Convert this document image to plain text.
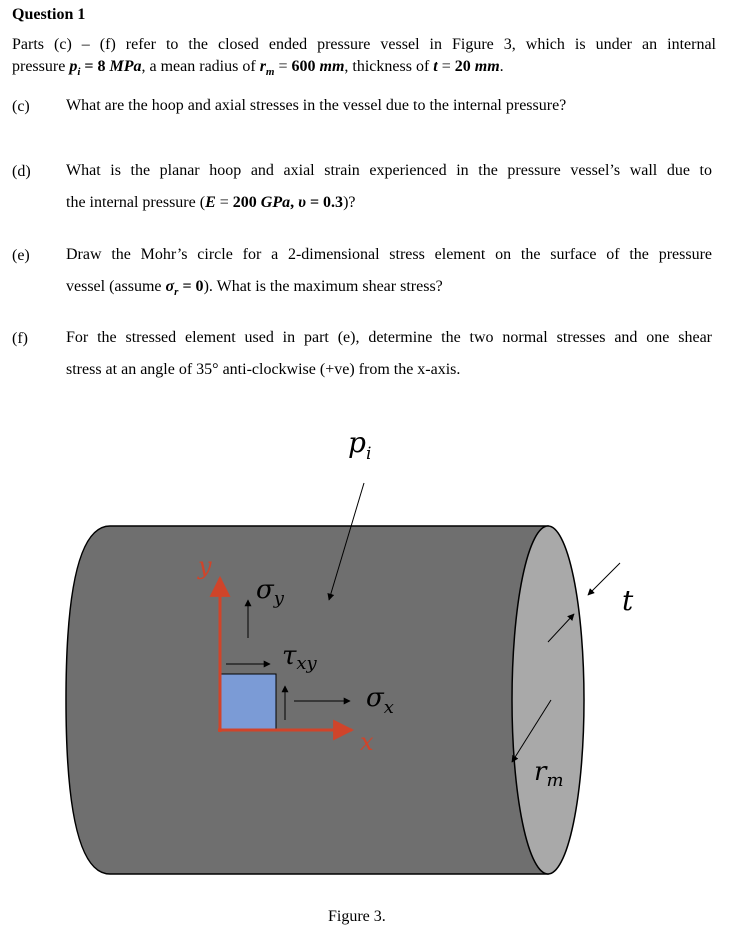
Question 1
Parts (c) – (f) refer to the closed ended pressure vessel in Figure 3, which is under an internal
pressure $p_i = 8$ MPa, a mean radius of $r_m = 600$ mm, thickness of t = 20 mm.
(c) What are the hoop and axial stresses in the vessel due to the internal pressure?
(d) What is the planar hoop and axial strain experienced in the pressure vessel’s wall due to
the internal pressure (E = 200 GPa, υ = 0.3)?
(e) Draw the Mohr’s circle for a 2-dimensional stress element on the surface of the pressure
vessel (assume $\sigma_r = 0$). What is the maximum shear stress?
(f) For the stressed element used in part (e), determine the two normal stresses and one shear
stress at an angle of 35° anti-clockwise (+ve) from the x-axis.
$p_i$
y
x
$\sigma_y$
τxy
$\sigma_x$
t
$r_m$
Figure 3.
